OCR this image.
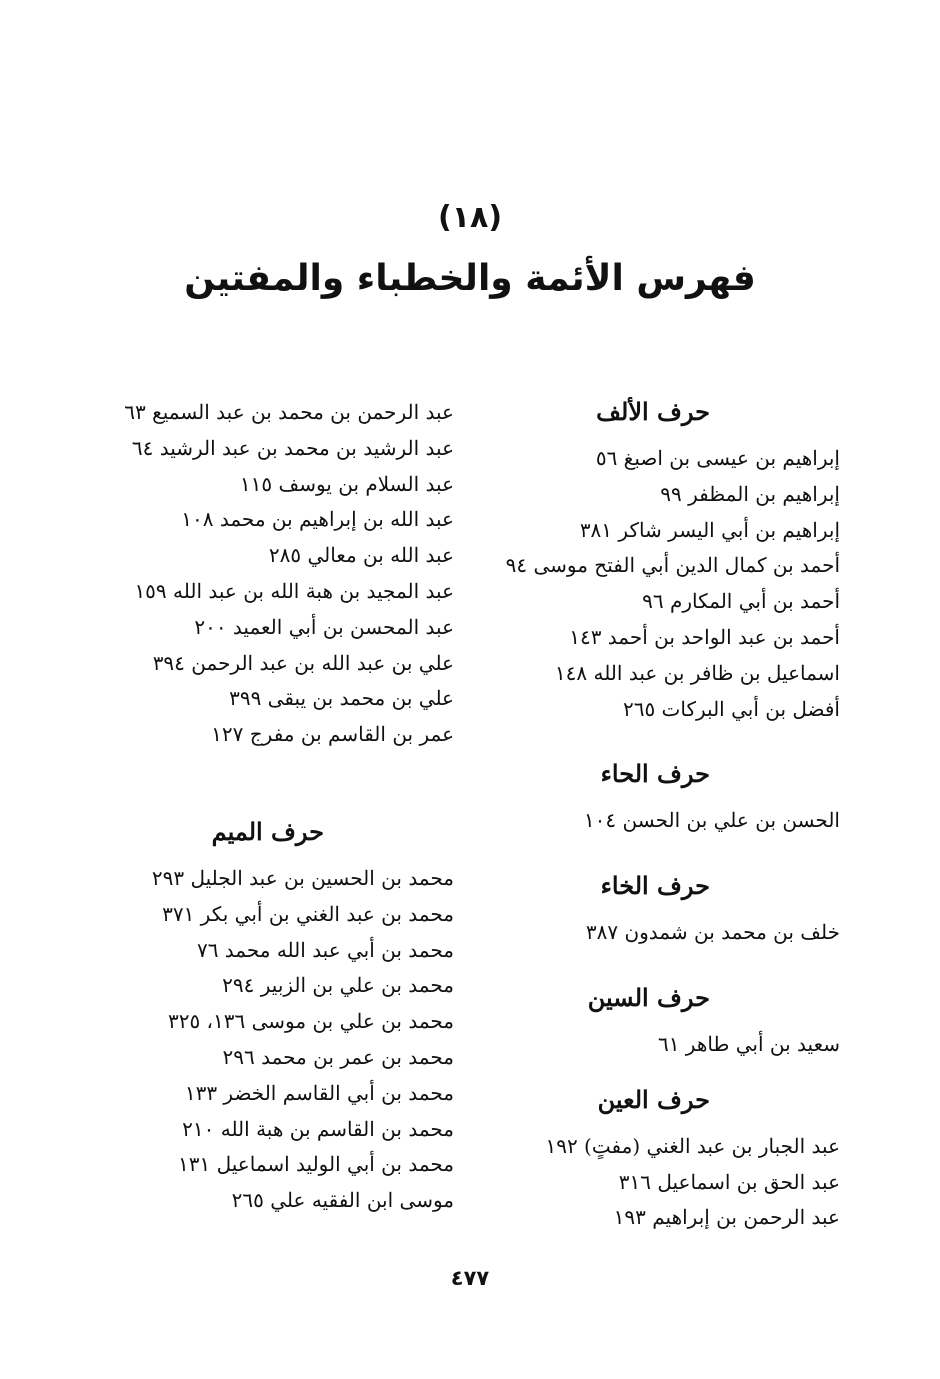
(١٨)
فهرس الأئمة والخطباء والمفتين
حرف الألف
إبراهيم بن عيسى بن اصبغ ٥٦
إبراهيم بن المظفر ٩٩
إبراهيم بن أبي اليسر شاكر ٣٨١
أحمد بن كمال الدين أبي الفتح موسى ٩٤
أحمد بن أبي المكارم ٩٦
أحمد بن عبد الواحد بن أحمد ١٤٣
اسماعيل بن ظافر بن عبد الله ١٤٨
أفضل بن أبي البركات ٢٦٥
حرف الحاء
الحسن بن علي بن الحسن ١٠٤
حرف الخاء
خلف بن محمد بن شمدون ٣٨٧
حرف السين
سعيد بن أبي طاهر ٦١
حرف العين
عبد الجبار بن عبد الغني (مفتٍ) ١٩٢
عبد الحق بن اسماعيل ٣١٦
عبد الرحمن بن إبراهيم ١٩٣
عبد الرحمن بن محمد بن عبد السميع ٦٣
عبد الرشيد بن محمد بن عبد الرشيد ٦٤
عبد السلام بن يوسف ١١٥
عبد الله بن إبراهيم بن محمد ١٠٨
عبد الله بن معالي ٢٨٥
عبد المجيد بن هبة الله بن عبد الله ١٥٩
عبد المحسن بن أبي العميد ٢٠٠
علي بن عبد الله بن عبد الرحمن ٣٩٤
علي بن محمد بن يبقى ٣٩٩
عمر بن القاسم بن مفرج ١٢٧
حرف الميم
محمد بن الحسين بن عبد الجليل ٢٩٣
محمد بن عبد الغني بن أبي بكر ٣٧١
محمد بن أبي عبد الله محمد ٧٦
محمد بن علي بن الزبير ٢٩٤
محمد بن علي بن موسى ١٣٦، ٣٢٥
محمد بن عمر بن محمد ٢٩٦
محمد بن أبي القاسم الخضر ١٣٣
محمد بن القاسم بن هبة الله ٢١٠
محمد بن أبي الوليد اسماعيل ١٣١
موسى ابن الفقيه علي ٢٦٥
٤٧٧
